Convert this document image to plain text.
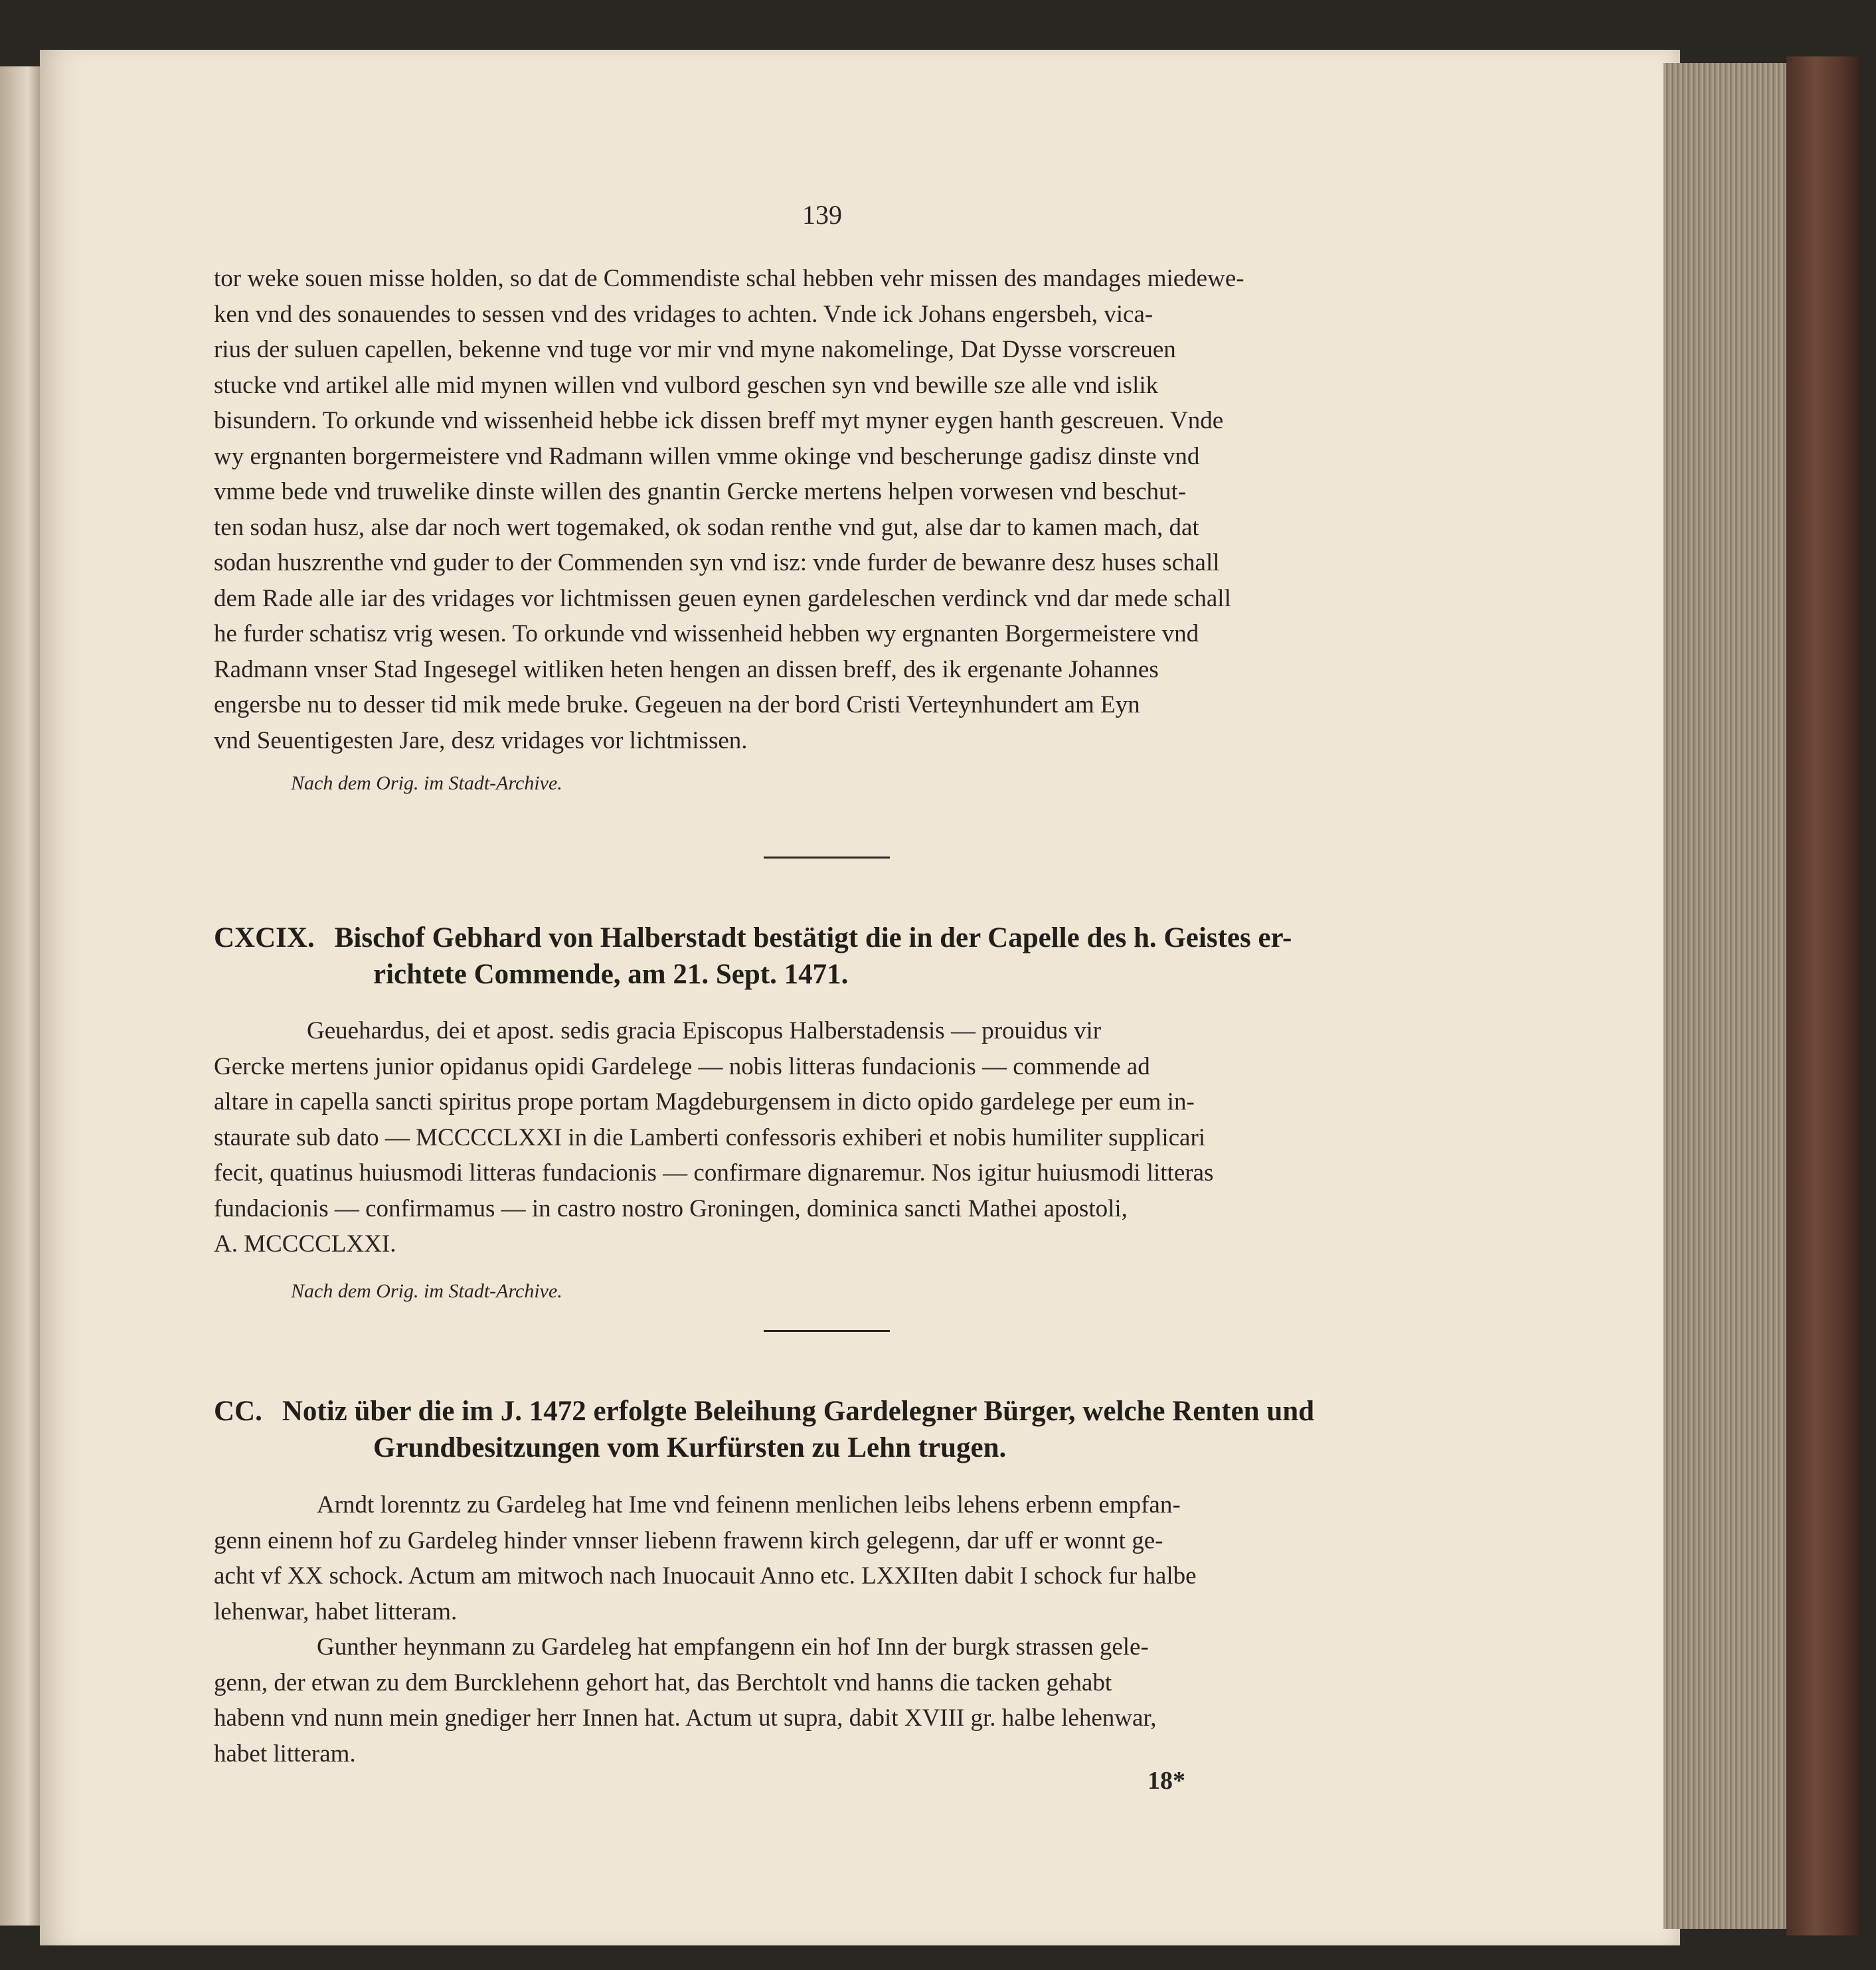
139
tor weke souen misse holden, so dat de Commendiste schal hebben vehr missen des mandages miedewe-
ken vnd des sonauendes to sessen vnd des vridages to achten. Vnde ick Johans engersbeh, vica-
rius der suluen capellen, bekenne vnd tuge vor mir vnd myne nakomelinge, Dat Dysse vorscreuen
stucke vnd artikel alle mid mynen willen vnd vulbord geschen syn vnd bewille sze alle vnd islik
bisundern. To orkunde vnd wissenheid hebbe ick dissen breff myt myner eygen hanth gescreuen. Vnde
wy ergnanten borgermeistere vnd Radmann willen vmme okinge vnd bescherunge gadisz dinste vnd
vmme bede vnd truwelike dinste willen des gnantin Gercke mertens helpen vorwesen vnd beschut-
ten sodan husz, alse dar noch wert togemaked, ok sodan renthe vnd gut, alse dar to kamen mach, dat
sodan huszrenthe vnd guder to der Commenden syn vnd isz: vnde furder de bewanre desz huses schall
dem Rade alle iar des vridages vor lichtmissen geuen eynen gardeleschen verdinck vnd dar mede schall
he furder schatisz vrig wesen. To orkunde vnd wissenheid hebben wy ergnanten Borgermeistere vnd
Radmann vnser Stad Ingesegel witliken heten hengen an dissen breff, des ik ergenante Johannes
engersbe nu to desser tid mik mede bruke. Gegeuen na der bord Cristi Verteynhundert am Eyn
vnd Seuentigesten Jare, desz vridages vor lichtmissen.
Nach dem Orig. im Stadt-Archive.
CXCIX. Bischof Gebhard von Halberstadt bestätigt die in der Capelle des h. Geistes er-
richtete Commende, am 21. Sept. 1471.
Geuehardus, dei et apost. sedis gracia Episcopus Halberstadensis — prouidus vir
Gercke mertens junior opidanus opidi Gardelege — nobis litteras fundacionis — commende ad
altare in capella sancti spiritus prope portam Magdeburgensem in dicto opido gardelege per eum in-
staurate sub dato — MCCCCLXXI in die Lamberti confessoris exhiberi et nobis humiliter supplicari
fecit, quatinus huiusmodi litteras fundacionis — confirmare dignaremur. Nos igitur huiusmodi litteras
fundacionis — confirmamus — in castro nostro Groningen, dominica sancti Mathei apostoli,
A. MCCCCLXXI.
Nach dem Orig. im Stadt-Archive.
CC. Notiz über die im J. 1472 erfolgte Beleihung Gardelegner Bürger, welche Renten und
Grundbesitzungen vom Kurfürsten zu Lehn trugen.
Arndt lorenntz zu Gardeleg hat Ime vnd feinenn menlichen leibs lehens erbenn empfan-
genn einenn hof zu Gardeleg hinder vnnser liebenn frawenn kirch gelegenn, dar uff er wonnt ge-
acht vf XX schock. Actum am mitwoch nach Inuocauit Anno etc. LXXIIten dabit I schock fur halbe
lehenwar, habet litteram.
Gunther heynmann zu Gardeleg hat empfangenn ein hof Inn der burgk strassen gele-
genn, der etwan zu dem Burcklehenn gehort hat, das Berchtolt vnd hanns die tacken gehabt
habenn vnd nunn mein gnediger herr Innen hat. Actum ut supra, dabit XVIII gr. halbe lehenwar,
habet litteram.
18*
